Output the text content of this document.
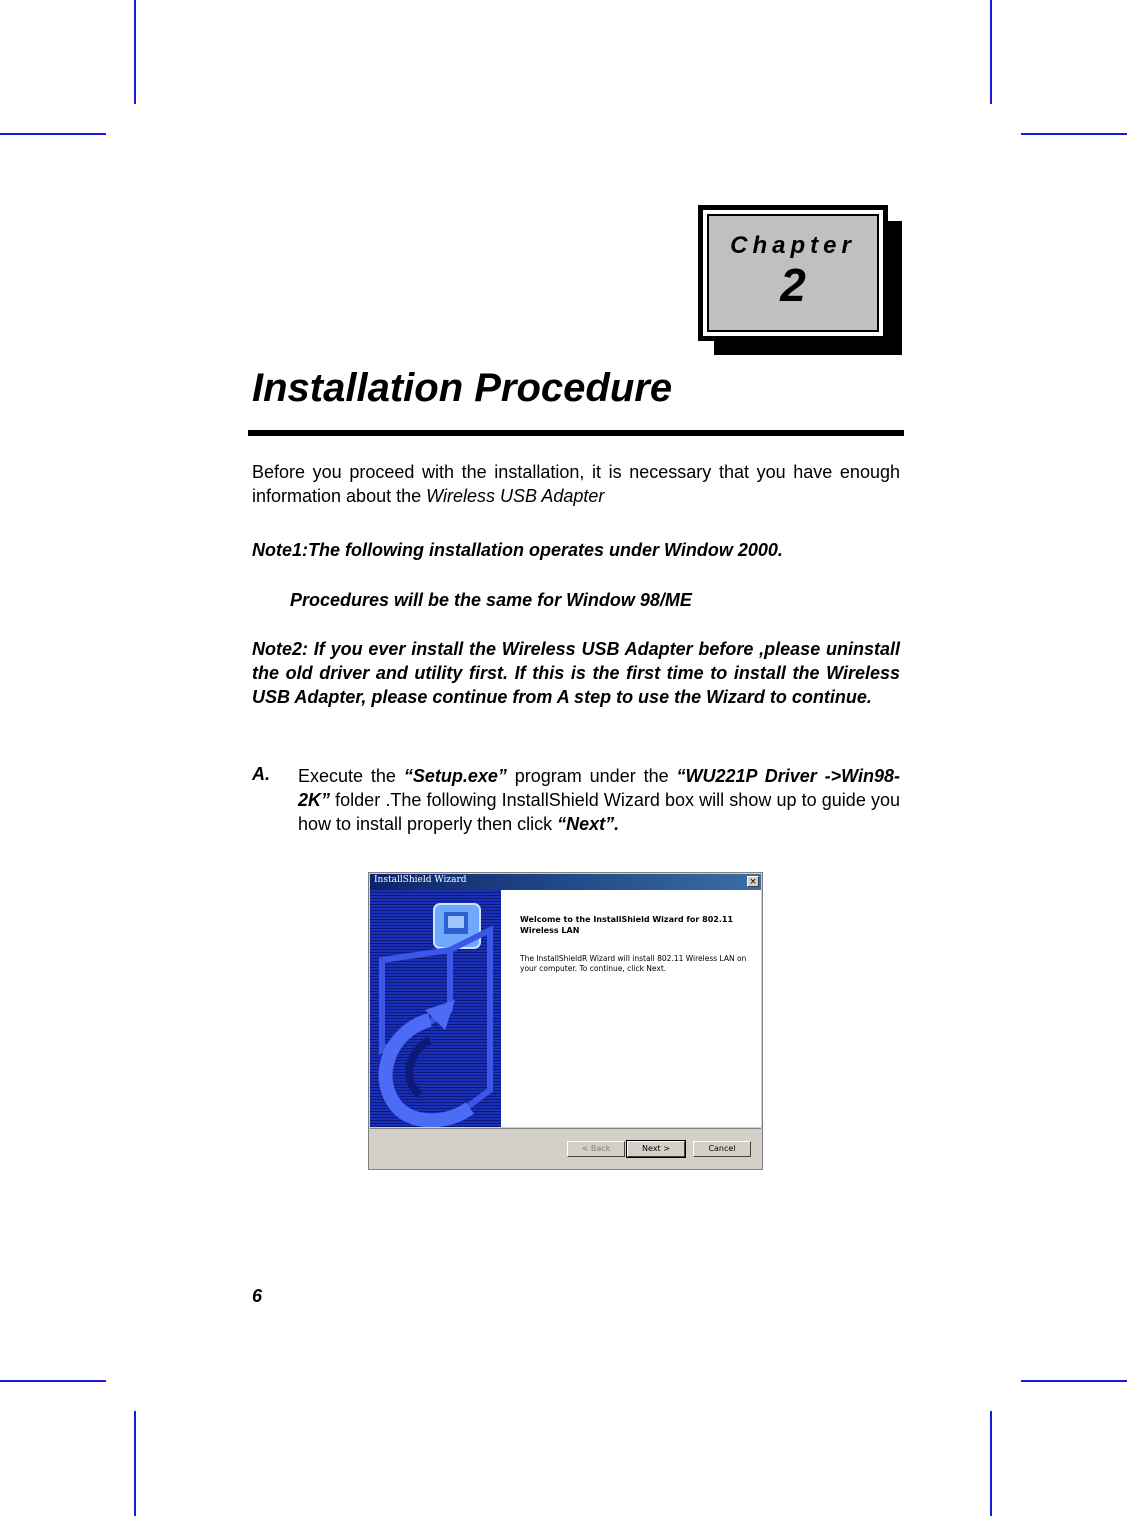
Chapter
2
Installation Procedure

Before you proceed with the installation, it is necessary that you have enough information about the Wireless USB Adapter

Note1:The following installation operates under Window 2000.

Procedures will be the same for Window 98/ME

Note2: If you ever install the Wireless USB Adapter before ,please uninstall the old driver and utility first. If this is the first time to install the Wireless USB Adapter, please continue from A step to use the Wizard to continue.

A. Execute the “Setup.exe” program under the “WU221P Driver ->Win98-2K” folder .The following InstallShield Wizard box will show up to guide you how to install properly then click “Next”.

InstallShield Wizard	×

Welcome to the InstallShield Wizard for 802.11 Wireless LAN

The InstallShieldR Wizard will install 802.11 Wireless LAN on your computer. To continue, click Next.

< Back	Next >	Cancel

6
